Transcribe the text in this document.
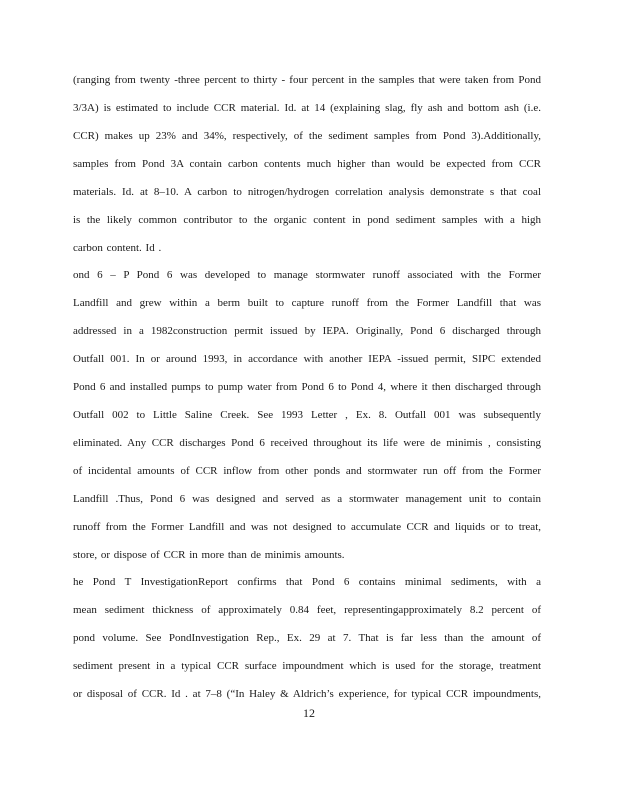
(ranging from twenty -three percent to thirty - four percent in the samples that were taken from Pond
3/3A) is estimated to include CCR material. Id. at 14 (explaining slag, fly ash and bottom ash (i.e.
CCR) makes up 23% and 34%, respectively, of the sediment samples from Pond 3).Additionally,
samples from Pond 3A contain carbon contents much higher than would be expected from CCR
materials. Id. at 8–10. A carbon to nitrogen/hydrogen correlation analysis demonstrate s that coal
is the likely common contributor to the organic content in pond sediment samples with a high
carbon content. Id .
ond 6 – P Pond 6 was developed to manage stormwater runoff associated with the Former
Landfill and grew within a berm built to capture runoff from the Former Landfill that was
addressed in a 1982construction permit issued by IEPA. Originally, Pond 6 discharged through
Outfall 001. In or around 1993, in accordance with another IEPA -issued permit, SIPC extended
Pond 6 and installed pumps to pump water from Pond 6 to Pond 4, where it then discharged through
Outfall 002 to Little Saline Creek. See 1993 Letter , Ex. 8. Outfall 001 was subsequently
eliminated. Any CCR discharges Pond 6 received throughout its life were de minimis , consisting
of incidental amounts of CCR inflow from other ponds and stormwater run off from the Former
Landfill .Thus, Pond 6 was designed and served as a stormwater management unit to contain
runoff from the Former Landfill and was not designed to accumulate CCR and liquids or to treat,
store, or dispose of CCR in more than de minimis amounts.
he Pond T InvestigationReport confirms that Pond 6 contains minimal sediments, with a
mean sediment thickness of approximately 0.84 feet, representingapproximately 8.2 percent of
pond volume. See PondInvestigation Rep., Ex. 29 at 7. That is far less than the amount of
sediment present in a typical CCR surface impoundment which is used for the storage, treatment
or disposal of CCR. Id . at 7–8 (“In Haley & Aldrich’s experience, for typical CCR impoundments,
12
